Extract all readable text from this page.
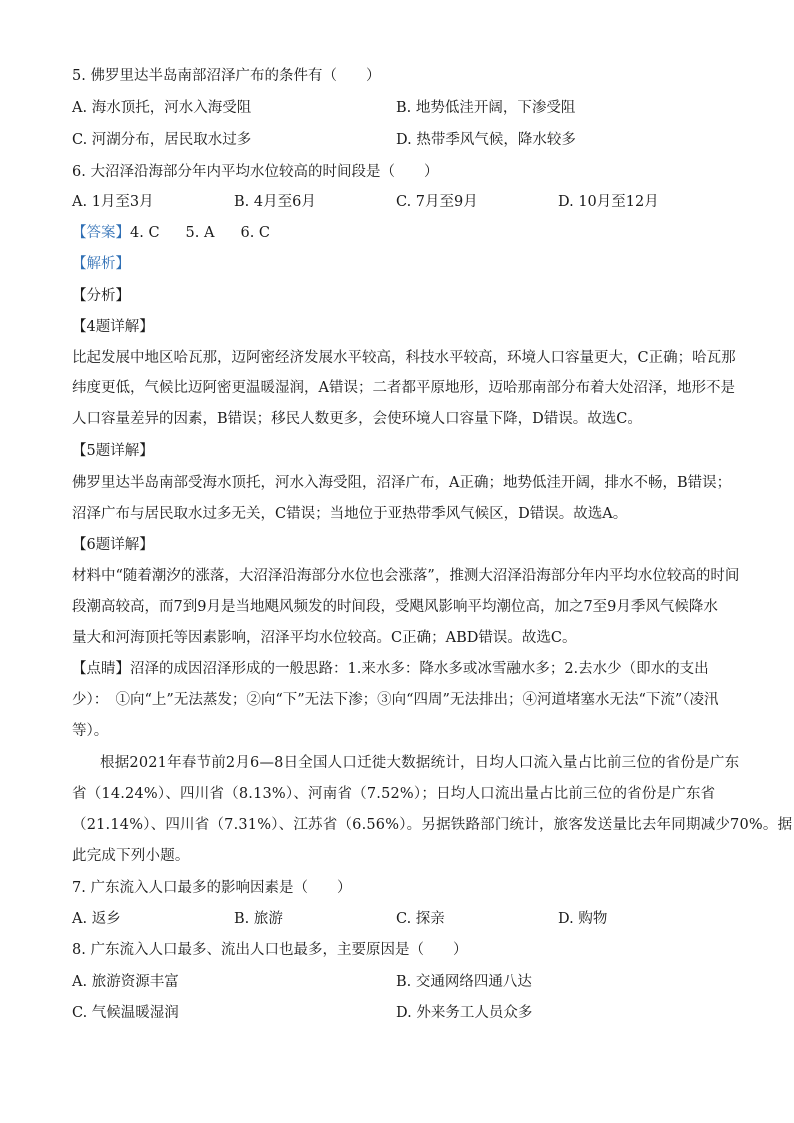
5. 佛罗里达半岛南部沼泽广布的条件有（　　）
A. 海水顶托，河水入海受阻	B. 地势低洼开阔，下渗受阻
C. 河湖分布，居民取水过多	D. 热带季风气候，降水较多
6. 大沼泽沿海部分年内平均水位较高的时间段是（　　）
A. 1月至3月	B. 4月至6月	C. 7月至9月	D. 10月至12月
【答案】4. C 5. A 6. C
【解析】
【分析】
【4题详解】
比起发展中地区哈瓦那，迈阿密经济发展水平较高，科技水平较高，环境人口容量更大，C正确；哈瓦那
纬度更低，气候比迈阿密更温暖湿润，A错误；二者都平原地形，迈哈那南部分布着大处沼泽，地形不是
人口容量差异的因素，B错误；移民人数更多，会使环境人口容量下降，D错误。故选C。
【5题详解】
佛罗里达半岛南部受海水顶托，河水入海受阻，沼泽广布，A正确；地势低洼开阔，排水不畅，B错误；
沼泽广布与居民取水过多无关，C错误；当地位于亚热带季风气候区，D错误。故选A。
【6题详解】
材料中“随着潮汐的涨落，大沼泽沿海部分水位也会涨落”，推测大沼泽沿海部分年内平均水位较高的时间
段潮高较高，而7到9月是当地飓风频发的时间段，受飓风影响平均潮位高，加之7至9月季风气候降水
量大和河海顶托等因素影响，沼泽平均水位较高。C正确；ABD错误。故选C。
【点睛】沼泽的成因沼泽形成的一般思路：1.来水多：降水多或冰雪融水多；2.去水少（即水的支出
少）：　①向“上”无法蒸发；②向“下”无法下渗；③向“四周”无法排出；④河道堵塞水无法“下流”（凌汛
等）。
根据2021年春节前2月6—8日全国人口迁徙大数据统计，日均人口流入量占比前三位的省份是广东
省（14.24%）、四川省（8.13%）、河南省（7.52%）；日均人口流出量占比前三位的省份是广东省
（21.14%）、四川省（7.31%）、江苏省（6.56%）。另据铁路部门统计，旅客发送量比去年同期减少70%。据
此完成下列小题。
7. 广东流入人口最多的影响因素是（　　）
A. 返乡	B. 旅游	C. 探亲	D. 购物
8. 广东流入人口最多、流出人口也最多，主要原因是（　　）
A. 旅游资源丰富	B. 交通网络四通八达
C. 气候温暖湿润	D. 外来务工人员众多
